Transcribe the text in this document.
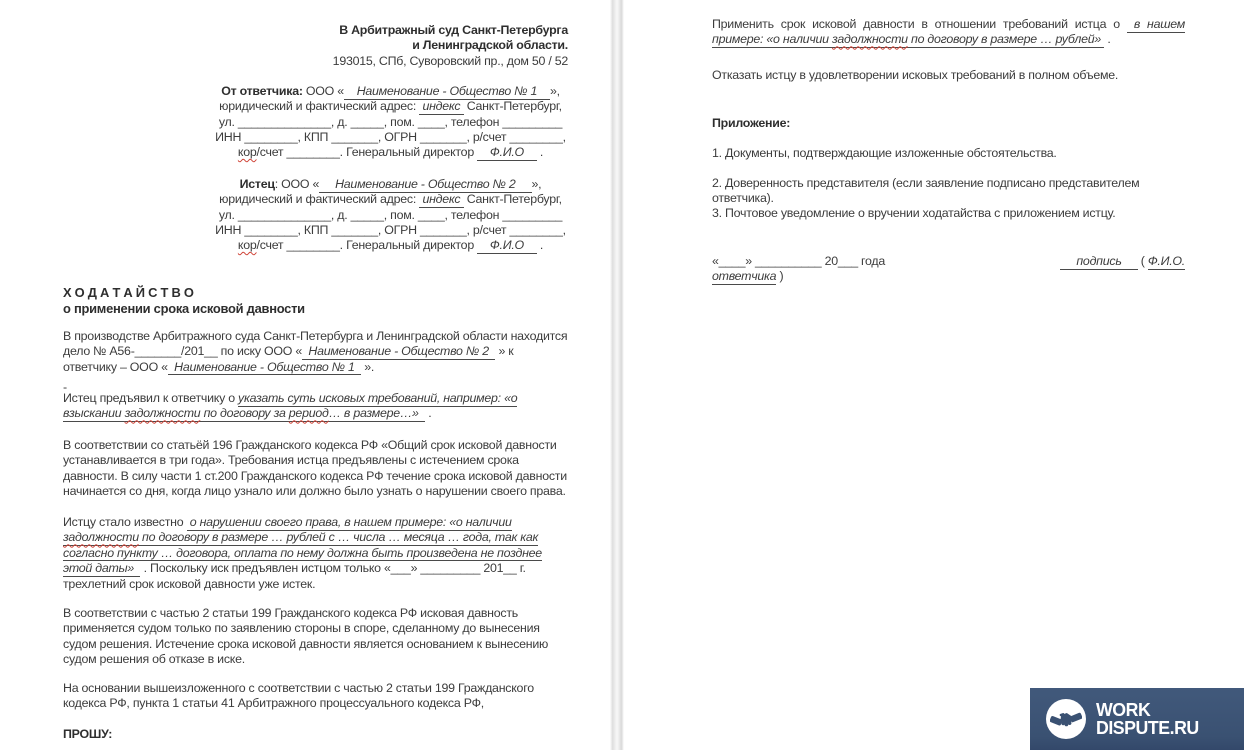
В Арбитражный суд Санкт-Петербурга
и Ленинградской области.
193015, СПб, Суворовский пр., дом 50 / 52
От ответчика: ООО «    Наименование - Общество № 1    »,
юридический и фактический адрес:  индекс  Санкт-Петербург,
ул. ______________, д. _____, пом. ____, телефон _________
ИНН ________, КПП _______, ОГРН _______, р/счет ________,
кор/счет ________. Генеральный директор     Ф.И.О     .
Истец: ООО «     Наименование - Общество № 2     »,
юридический и фактический адрес:  индекс  Санкт-Петербург,
ул. ______________, д. _____, пом. ____, телефон _________
ИНН ________, КПП _______, ОГРН _______, р/счет ________,
кор/счет ________. Генеральный директор     Ф.И.О     .
Х О Д А Т А Й С Т В О
о применении срока исковой давности
В производстве Арбитражного суда Санкт-Петербурга и Ленинградской области находится дело № А56-_______/201__ по иску ООО «  Наименование - Общество № 2   » к ответчику – ООО «  Наименование - Общество № 1   ».
-
Истец предъявил к ответчику о указать суть исковых требований, например: «о взыскании задолжности по договору за рериод… в размере…»   .
В соответствии со статьёй 196 Гражданского кодекса РФ «Общий срок исковой давности устанавливается в три года». Требования истца предъявлены с истечением срока давности. В силу части 1 ст.200 Гражданского кодекса РФ течение срока исковой давности начинается со дня, когда лицо узнало или должно было узнать о нарушении своего права.
Истцу стало известно  о нарушении своего права, в нашем примере: «о наличии задолжности по договору в размере … рублей с … числа … месяца … года, так как согласно пункту … договора, оплата по нему должна быть произведена не позднее этой даты»   . Поскольку иск предъявлен истцом только «___» _________ 201__ г. трехлетний срок исковой давности уже истек.
В соответствии с частью 2 статьи 199 Гражданского кодекса РФ исковая давность применяется судом только по заявлению стороны в споре, сделанному до вынесения судом решения. Истечение срока исковой давности является основанием к вынесению судом решения об отказе в иске.
На основании вышеизложенного с соответствии с частью 2 статьи 199 Гражданского кодекса РФ, пункта 1 статьи 41 Арбитражного процессуального кодекса РФ,
ПРОШУ:
Применить срок исковой давности в отношении требований истца о  в нашем примере: «о наличии задолжности по договору в размере … рублей»  .
Отказать истцу в удовлетворении исковых требований в полном объеме.
Приложение:
1. Документы, подтверждающие изложенные обстоятельства.
2. Доверенность представителя (если заявление подписано представителем ответчика).
3. Почтовое уведомление о вручении ходатайства с приложением истцу.
«____» __________ 20___ года	подпись      ( Ф.И.О.
ответчика )
WORK
DISPUTE.RU
